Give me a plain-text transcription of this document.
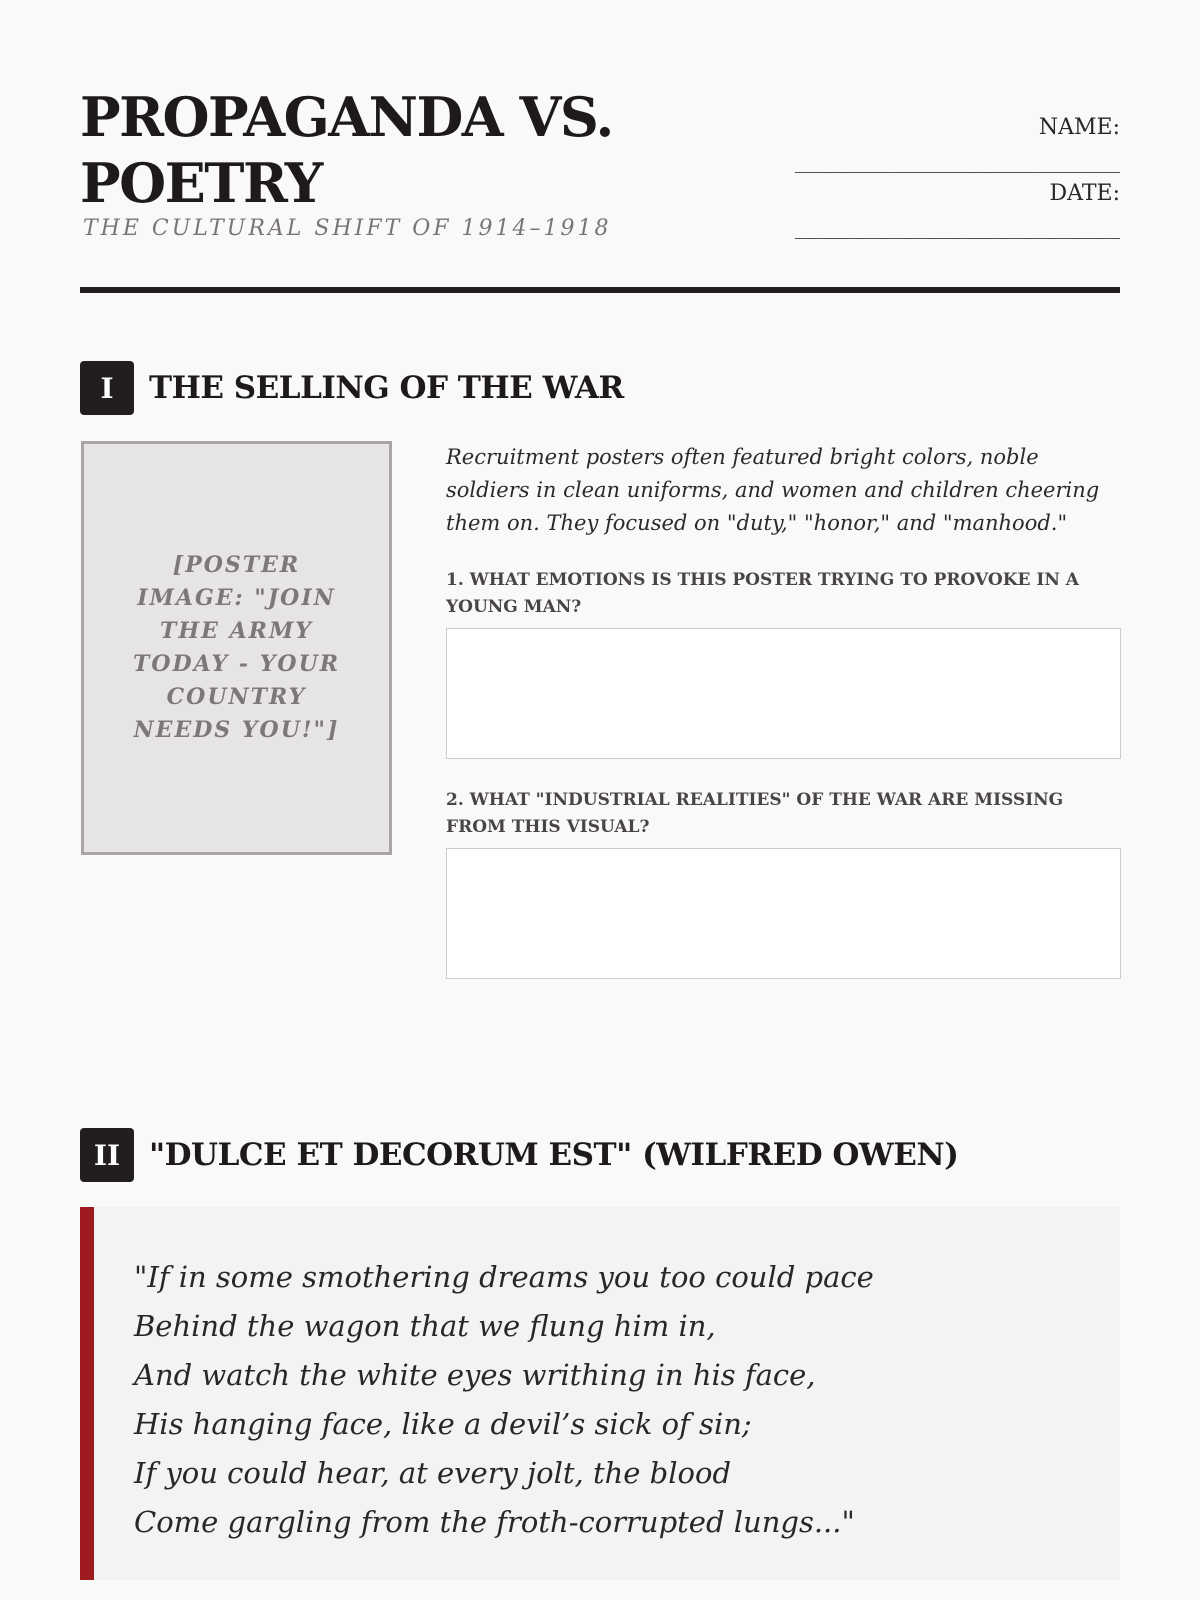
PROPAGANDA VS. POETRY
THE CULTURAL SHIFT OF 1914–1918
NAME:
___________________________
DATE:
___________________________
I	THE SELLING OF THE WAR
[POSTER IMAGE: "JOIN THE ARMY TODAY - YOUR COUNTRY NEEDS YOU!"]

Recruitment posters often featured bright colors, noble soldiers in clean uniforms, and women and children cheering them on. They focused on "duty," "honor," and "manhood."

1. WHAT EMOTIONS IS THIS POSTER TRYING TO PROVOKE IN A YOUNG MAN?
2. WHAT "INDUSTRIAL REALITIES" OF THE WAR ARE MISSING FROM THIS VISUAL?
II "DULCE ET DECORUM EST" (WILFRED OWEN)
"If in some smothering dreams you too could pace
Behind the wagon that we flung him in,
And watch the white eyes writhing in his face,
His hanging face, like a devil’s sick of sin;
If you could hear, at every jolt, the blood
Come gargling from the froth-corrupted lungs..."
